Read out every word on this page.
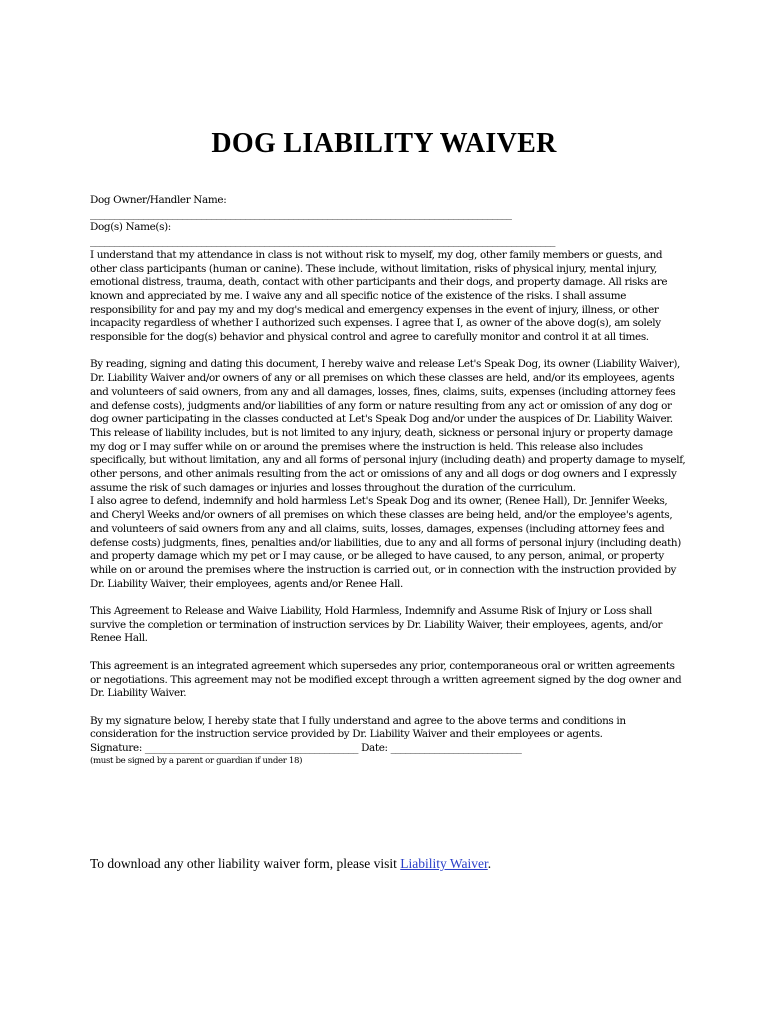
DOG LIABILITY WAIVER

Dog Owner/Handler Name:

_______________________________________________________________________________________

Dog(s) Name(s):

________________________________________________________________________________________________

I understand that my attendance in class is not without risk to myself, my dog, other family members or guests, and other class participants (human or canine). These include, without limitation, risks of physical injury, mental injury, emotional distress, trauma, death, contact with other participants and their dogs, and property damage. All risks are known and appreciated by me. I waive any and all specific notice of the existence of the risks. I shall assume responsibility for and pay my and my dog's medical and emergency expenses in the event of injury, illness, or other incapacity regardless of whether I authorized such expenses. I agree that I, as owner of the above dog(s), am solely responsible for the dog(s) behavior and physical control and agree to carefully monitor and control it at all times.

By reading, signing and dating this document, I hereby waive and release Let's Speak Dog, its owner (Liability Waiver), Dr. Liability Waiver and/or owners of any or all premises on which these classes are held, and/or its employees, agents and volunteers of said owners, from any and all damages, losses, fines, claims, suits, expenses (including attorney fees and defense costs), judgments and/or liabilities of any form or nature resulting from any act or omission of any dog or dog owner participating in the classes conducted at Let's Speak Dog and/or under the auspices of Dr. Liability Waiver. This release of liability includes, but is not limited to any injury, death, sickness or personal injury or property damage my dog or I may suffer while on or around the premises where the instruction is held. This release also includes specifically, but without limitation, any and all forms of personal injury (including death) and property damage to myself, other persons, and other animals resulting from the act or omissions of any and all dogs or dog owners and I expressly assume the risk of such damages or injuries and losses throughout the duration of the curriculum.

I also agree to defend, indemnify and hold harmless Let's Speak Dog and its owner, (Renee Hall), Dr. Jennifer Weeks, and Cheryl Weeks and/or owners of all premises on which these classes are being held, and/or the employee's agents, and volunteers of said owners from any and all claims, suits, losses, damages, expenses (including attorney fees and defense costs) judgments, fines, penalties and/or liabilities, due to any and all forms of personal injury (including death) and property damage which my pet or I may cause, or be alleged to have caused, to any person, animal, or property while on or around the premises where the instruction is carried out, or in connection with the instruction provided by Dr. Liability Waiver, their employees, agents and/or Renee Hall.

This Agreement to Release and Waive Liability, Hold Harmless, Indemnify and Assume Risk of Injury or Loss shall survive the completion or termination of instruction services by Dr. Liability Waiver, their employees, agents, and/or Renee Hall.

This agreement is an integrated agreement which supersedes any prior, contemporaneous oral or written agreements or negotiations. This agreement may not be modified except through a written agreement signed by the dog owner and Dr. Liability Waiver.

By my signature below, I hereby state that I fully understand and agree to the above terms and conditions in consideration for the instruction service provided by Dr. Liability Waiver and their employees or agents.

Signature: ____________________________________________ Date: ___________________________

(must be signed by a parent or guardian if under 18)

To download any other liability waiver form, please visit Liability Waiver.
